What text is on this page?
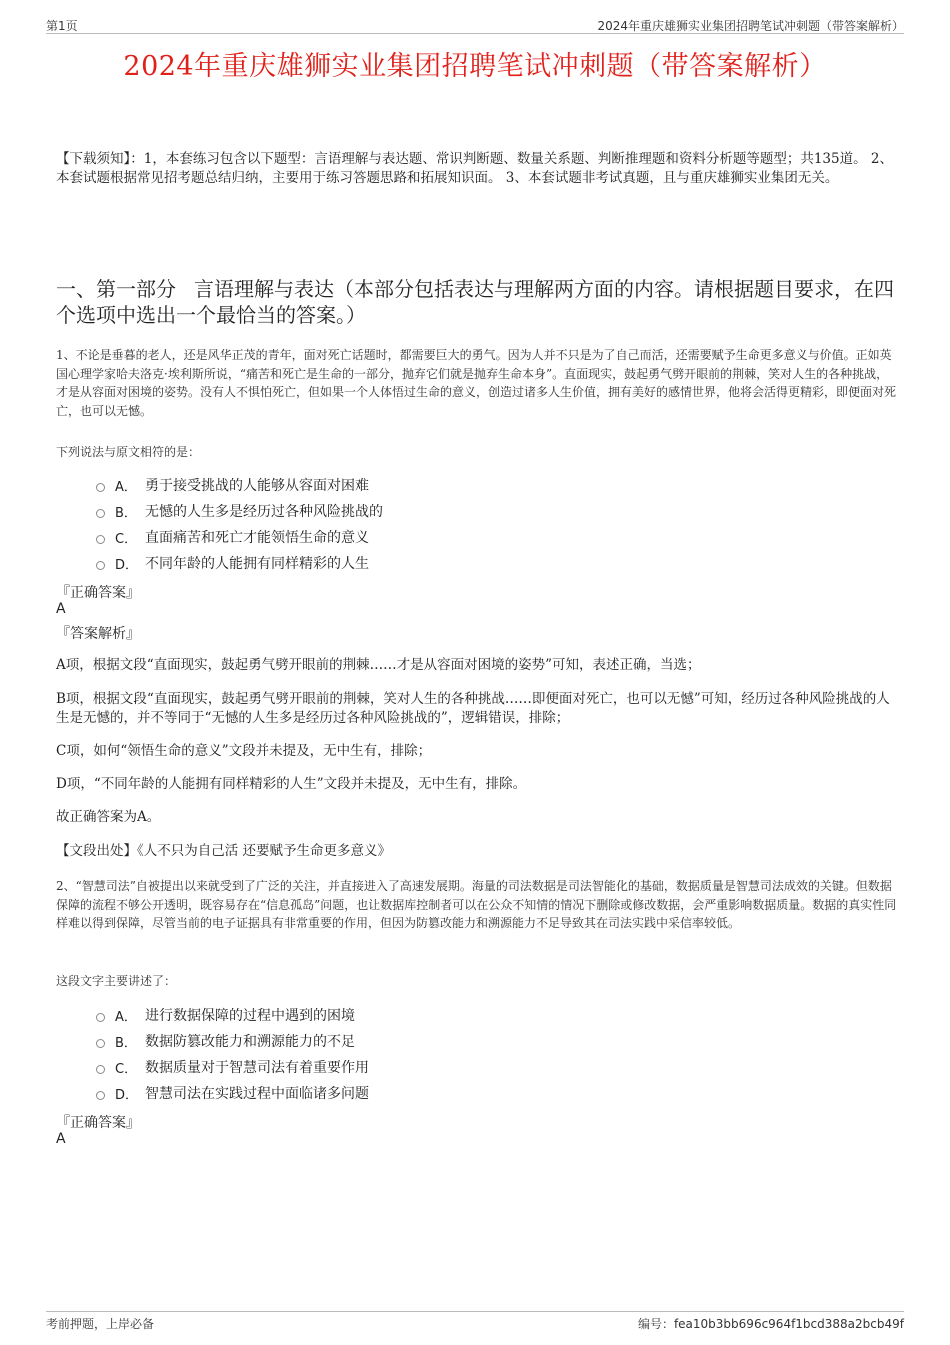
第1页	2024年重庆雄狮实业集团招聘笔试冲刺题（带答案解析）
2024年重庆雄狮实业集团招聘笔试冲刺题（带答案解析）
【下载须知】：1，本套练习包含以下题型：言语理解与表达题、常识判断题、数量关系题、判断推理题和资料分析题等题型；共135道。 2、本套试题根据常见招考题总结归纳，主要用于练习答题思路和拓展知识面。 3、本套试题非考试真题，且与重庆雄狮实业集团无关。
一、第一部分 言语理解与表达（本部分包括表达与理解两方面的内容。请根据题目要求，在四个选项中选出一个最恰当的答案。）
1、不论是垂暮的老人，还是风华正茂的青年，面对死亡话题时，都需要巨大的勇气。因为人并不只是为了自己而活，还需要赋予生命更多意义与价值。正如英国心理学家哈夫洛克·埃利斯所说，“痛苦和死亡是生命的一部分，抛弃它们就是抛弃生命本身”。直面现实，鼓起勇气劈开眼前的荆棘，笑对人生的各种挑战，才是从容面对困境的姿势。没有人不惧怕死亡，但如果一个人体悟过生命的意义，创造过诸多人生价值，拥有美好的感情世界，他将会活得更精彩，即便面对死亡，也可以无憾。
下列说法与原文相符的是：
A． 勇于接受挑战的人能够从容面对困难
B． 无憾的人生多是经历过各种风险挑战的
C． 直面痛苦和死亡才能领悟生命的意义
D． 不同年龄的人能拥有同样精彩的人生
『正确答案』
A
『答案解析』
A项，根据文段“直面现实，鼓起勇气劈开眼前的荆棘……才是从容面对困境的姿势”可知，表述正确，当选；
B项，根据文段“直面现实，鼓起勇气劈开眼前的荆棘，笑对人生的各种挑战……即便面对死亡，也可以无憾”可知，经历过各种风险挑战的人生是无憾的，并不等同于“无憾的人生多是经历过各种风险挑战的”，逻辑错误，排除；
C项，如何“领悟生命的意义”文段并未提及，无中生有，排除；
D项，“不同年龄的人能拥有同样精彩的人生”文段并未提及，无中生有，排除。
故正确答案为A。
【文段出处】《人不只为自己活 还要赋予生命更多意义》
2、“智慧司法”自被提出以来就受到了广泛的关注，并直接进入了高速发展期。海量的司法数据是司法智能化的基础，数据质量是智慧司法成效的关键。但数据保障的流程不够公开透明，既容易存在“信息孤岛”问题，也让数据库控制者可以在公众不知情的情况下删除或修改数据，会严重影响数据质量。数据的真实性同样难以得到保障，尽管当前的电子证据具有非常重要的作用，但因为防篡改能力和溯源能力不足导致其在司法实践中采信率较低。
这段文字主要讲述了：
A． 进行数据保障的过程中遇到的困境
B． 数据防篡改能力和溯源能力的不足
C． 数据质量对于智慧司法有着重要作用
D． 智慧司法在实践过程中面临诸多问题
『正确答案』
A
考前押题，上岸必备	编号：fea10b3bb696c964f1bcd388a2bcb49f
